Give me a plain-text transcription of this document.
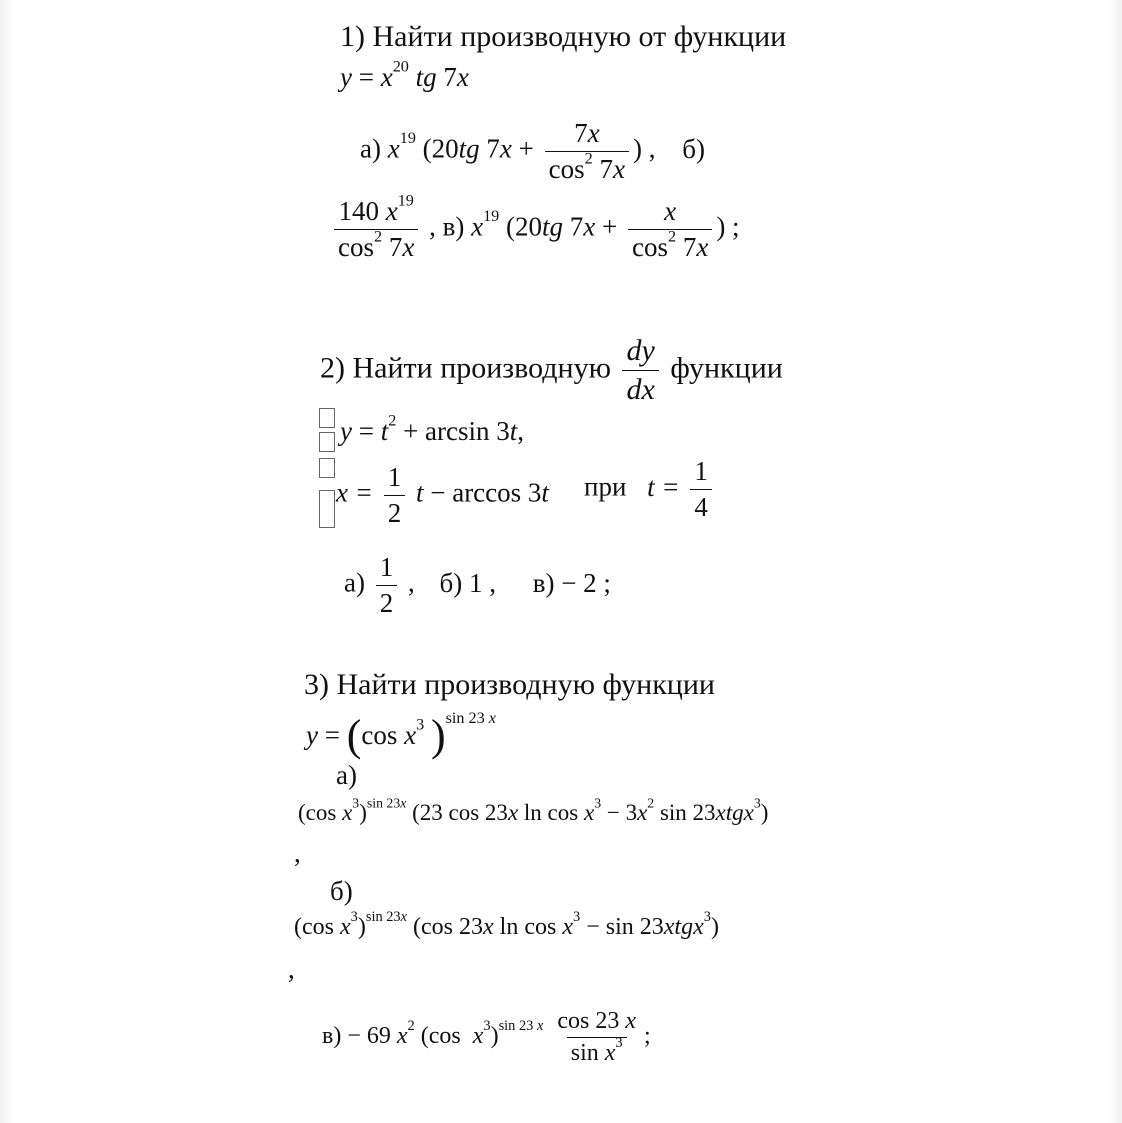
1) Найти производную от функции
$y = x^{20}$ tg 7x
а) $x^{19}$ (20tg $7x + \frac{7x}{\cos^2 7x}$ ) , б)
$\frac{140 x^{19}}{\cos^2 7x}$ , в) $x^{19}$ (20tg $7x + \frac{x}{\cos^2 7x}$ ) ;
2) Найти производную $\frac{dy}{dx}$ функции
$y = t^2 + \arcsin 3t$,
$x = \frac{1}{2}$ t − arccos 3t при $t = \frac{1}{4}$
$а) \frac{1}{2}$ , б) 1 , в) − 2 ;
3) Найти производную функции
y = (cos $x^3$ )$^{sin 23 x}$
а)
(cos $x^3)^{sin 23x}$ (23 cos 23x $\ln \cos x^3 - 3x^2$ sin 23xtgx$^3$)
,
б)
(cos $x^3)^{sin 23x}$ (cos 23x $\ln \cos x^3 - \sin$ 23xtgx$^3$)
,
в) − 69 $x^2$ (cos  $x^3)^{sin 23 x} \frac{\cos 23 x}{\sin x^3}$ ;
